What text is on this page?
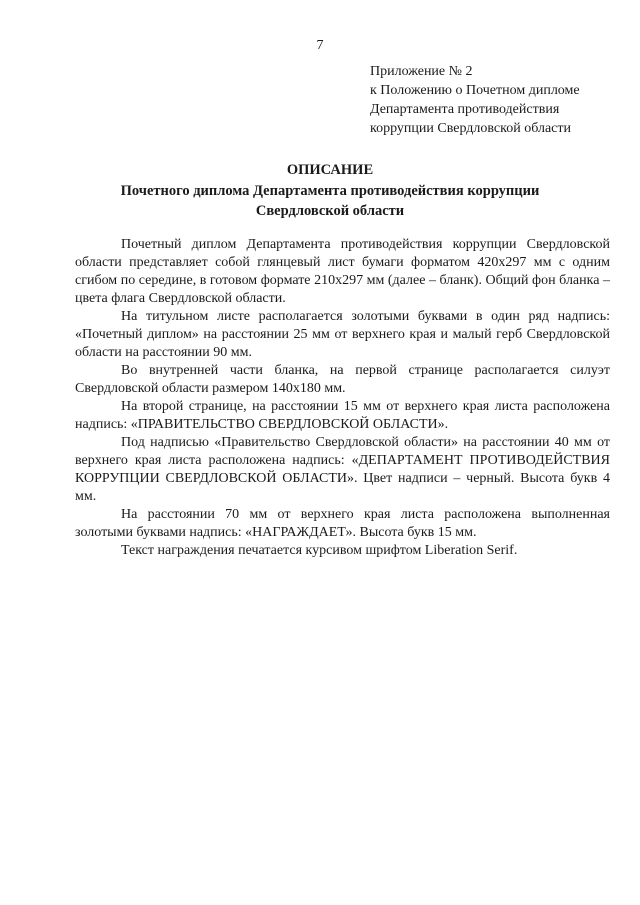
7
Приложение № 2
к Положению о Почетном дипломе
Департамента противодействия
коррупции Свердловской области
ОПИСАНИЕ
Почетного диплома Департамента противодействия коррупции
Свердловской области

Почетный диплом Департамента противодействия коррупции Свердловской области представляет собой глянцевый лист бумаги форматом 420x297 мм с одним сгибом по середине, в готовом формате 210x297 мм (далее – бланк). Общий фон бланка – цвета флага Свердловской области.

На титульном листе располагается золотыми буквами в один ряд надпись: «Почетный диплом» на расстоянии 25 мм от верхнего края и малый герб Свердловской области на расстоянии 90 мм.

Во внутренней части бланка, на первой странице располагается силуэт Свердловской области размером 140x180 мм.

На второй странице, на расстоянии 15 мм от верхнего края листа расположена надпись: «ПРАВИТЕЛЬСТВО СВЕРДЛОВСКОЙ ОБЛАСТИ».

Под надписью «Правительство Свердловской области» на расстоянии 40 мм от верхнего края листа расположена надпись: «ДЕПАРТАМЕНТ ПРОТИВОДЕЙСТВИЯ КОРРУПЦИИ СВЕРДЛОВСКОЙ ОБЛАСТИ». Цвет надписи – черный. Высота букв 4 мм.

На расстоянии 70 мм от верхнего края листа расположена выполненная золотыми буквами надпись: «НАГРАЖДАЕТ». Высота букв 15 мм.

Текст награждения печатается курсивом шрифтом Liberation Serif.
